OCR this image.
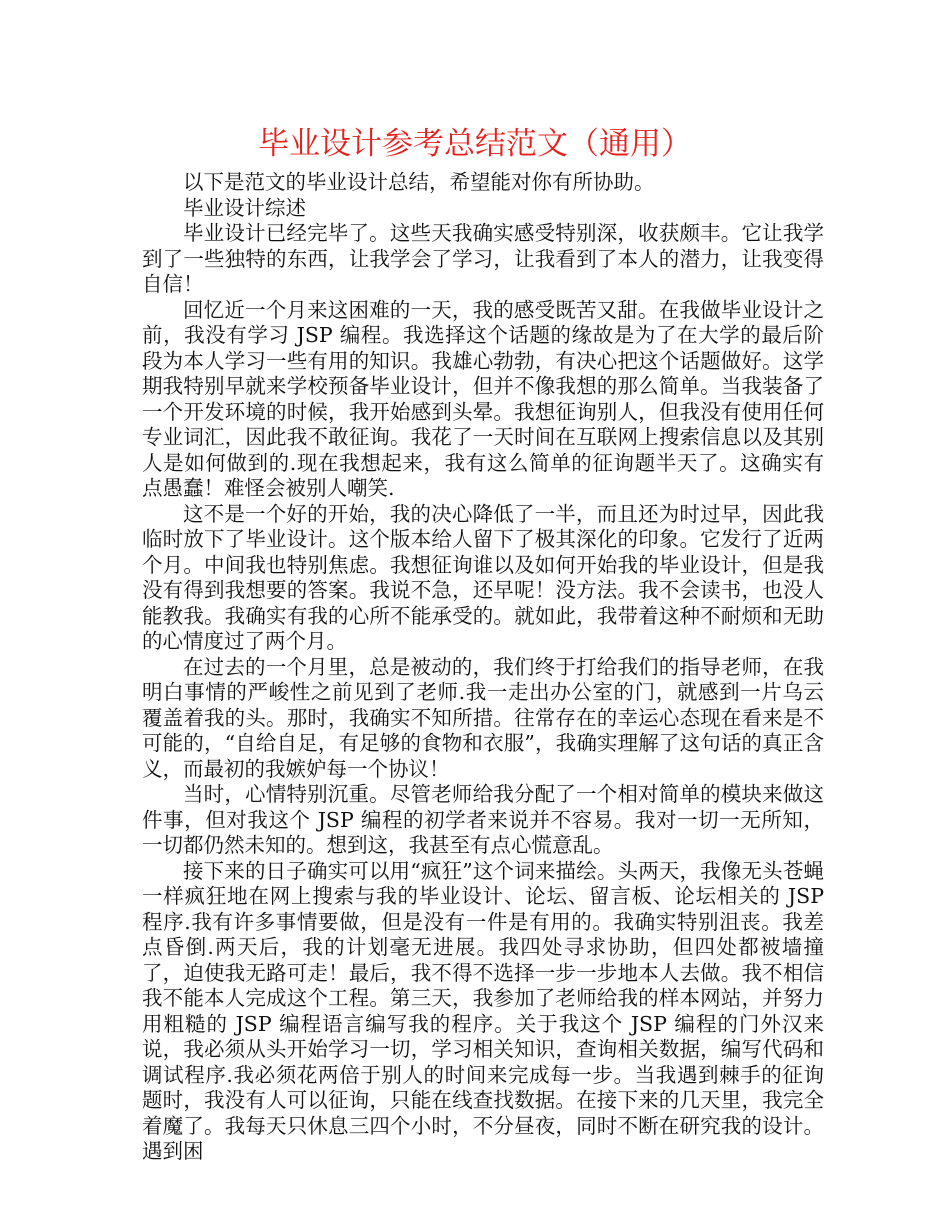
毕业设计参考总结范文（通用）

以下是范文的毕业设计总结，希望能对你有所协助。

毕业设计综述

毕业设计已经完毕了。这些天我确实感受特别深，收获颇丰。它让我学到了一些独特的东西，让我学会了学习，让我看到了本人的潜力，让我变得自信！

回忆近一个月来这困难的一天，我的感受既苦又甜。在我做毕业设计之前，我没有学习 JSP 编程。我选择这个话题的缘故是为了在大学的最后阶段为本人学习一些有用的知识。我雄心勃勃，有决心把这个话题做好。这学期我特别早就来学校预备毕业设计，但并不像我想的那么简单。当我装备了一个开发环境的时候，我开始感到头晕。我想征询别人，但我没有使用任何专业词汇，因此我不敢征询。我花了一天时间在互联网上搜索信息以及其别人是如何做到的.现在我想起来，我有这么简单的征询题半天了。这确实有点愚蠢！难怪会被别人嘲笑.

这不是一个好的开始，我的决心降低了一半，而且还为时过早，因此我临时放下了毕业设计。这个版本给人留下了极其深化的印象。它发行了近两个月。中间我也特别焦虑。我想征询谁以及如何开始我的毕业设计，但是我没有得到我想要的答案。我说不急，还早呢！没方法。我不会读书，也没人能教我。我确实有我的心所不能承受的。就如此，我带着这种不耐烦和无助的心情度过了两个月。

在过去的一个月里，总是被动的，我们终于打给我们的指导老师，在我明白事情的严峻性之前见到了老师.我一走出办公室的门，就感到一片乌云覆盖着我的头。那时，我确实不知所措。往常存在的幸运心态现在看来是不可能的，“自给自足，有足够的食物和衣服”，我确实理解了这句话的真正含义，而最初的我嫉妒每一个协议！

当时，心情特别沉重。尽管老师给我分配了一个相对简单的模块来做这件事，但对我这个 JSP 编程的初学者来说并不容易。我对一切一无所知，一切都仍然未知的。想到这，我甚至有点心慌意乱。

接下来的日子确实可以用“疯狂”这个词来描绘。头两天，我像无头苍蝇一样疯狂地在网上搜索与我的毕业设计、论坛、留言板、论坛相关的 JSP 程序.我有许多事情要做，但是没有一件是有用的。我确实特别沮丧。我差点昏倒.两天后，我的计划毫无进展。我四处寻求协助，但四处都被墙撞了，迫使我无路可走！最后，我不得不选择一步一步地本人去做。我不相信我不能本人完成这个工程。第三天，我参加了老师给我的样本网站，并努力用粗糙的 JSP 编程语言编写我的程序。关于我这个 JSP 编程的门外汉来说，我必须从头开始学习一切，学习相关知识，查询相关数据，编写代码和调试程序.我必须花两倍于别人的时间来完成每一步。当我遇到棘手的征询题时，我没有人可以征询，只能在线查找数据。在接下来的几天里，我完全着魔了。我每天只休息三四个小时，不分昼夜，同时不断在研究我的设计。遇到困
